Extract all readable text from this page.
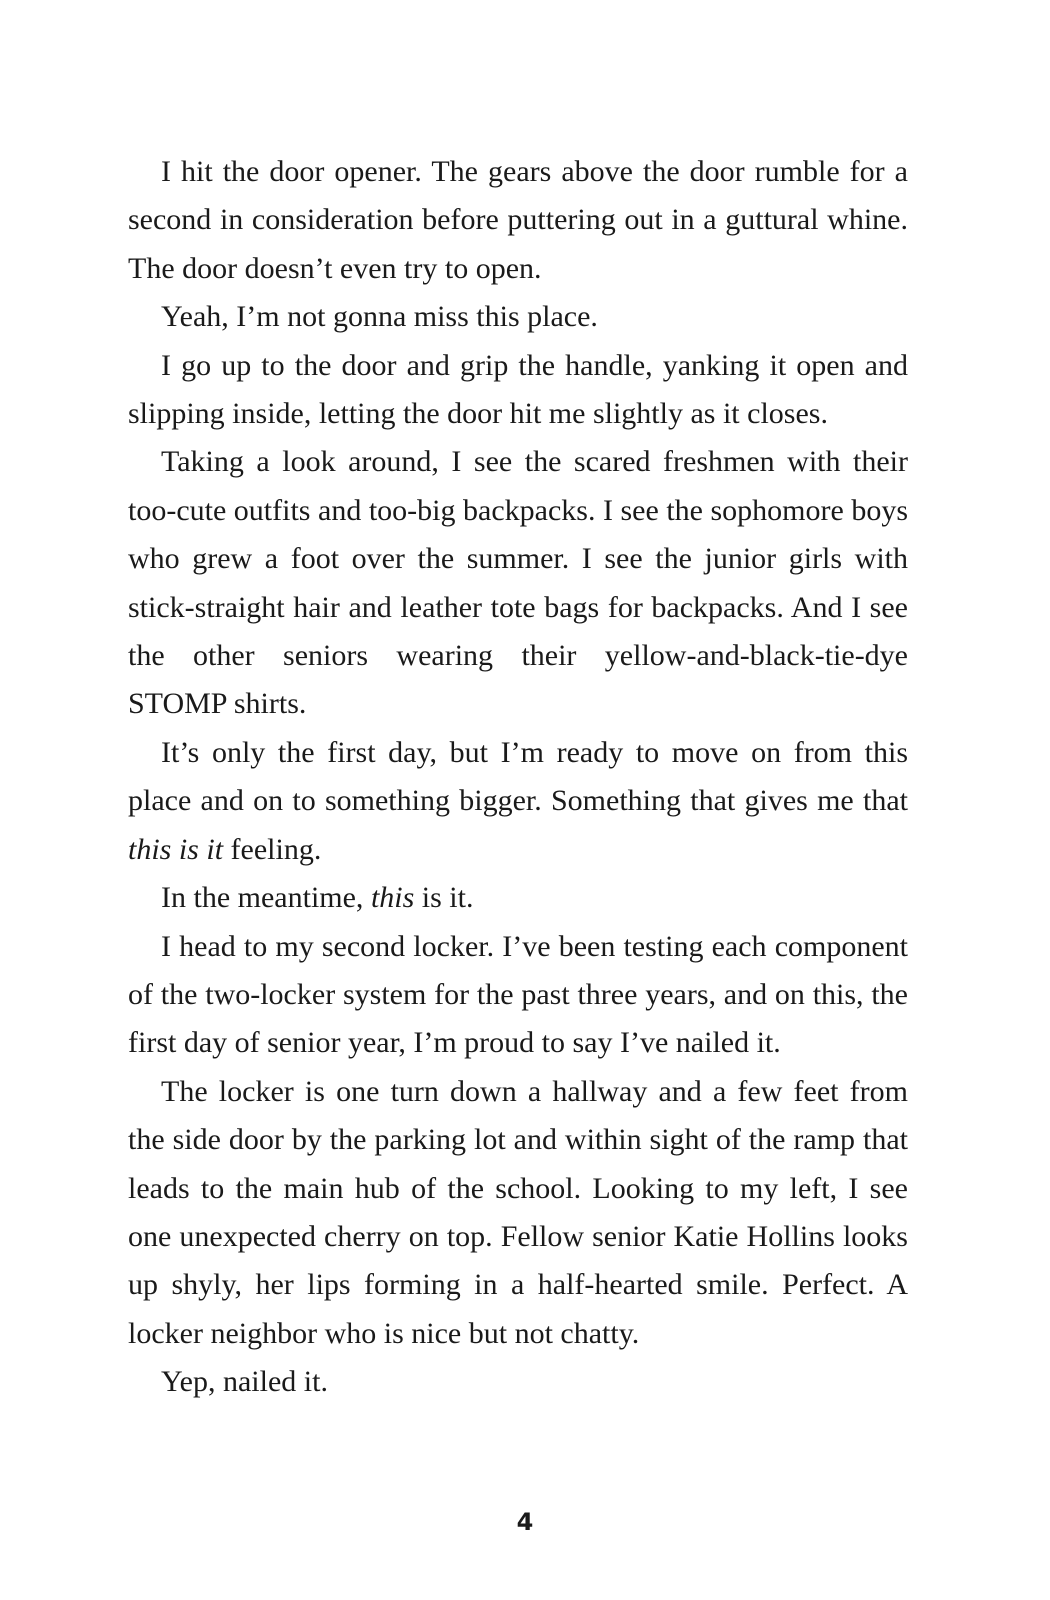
I hit the door opener. The gears above the door rumble for a second in consideration before puttering out in a guttural whine. The door doesn’t even try to open.

Yeah, I’m not gonna miss this place.

I go up to the door and grip the handle, yanking it open and slipping inside, letting the door hit me slightly as it closes.

Taking a look around, I see the scared freshmen with their too-cute outfits and too-big backpacks. I see the sophomore boys who grew a foot over the summer. I see the junior girls with stick-straight hair and leather tote bags for backpacks. And I see the other seniors wearing their yellow-and-black-tie-dye STOMP shirts.

It’s only the first day, but I’m ready to move on from this place and on to something bigger. Something that gives me that this is it feeling.

In the meantime, this is it.

I head to my second locker. I’ve been testing each component of the two-locker system for the past three years, and on this, the first day of senior year, I’m proud to say I’ve nailed it.

The locker is one turn down a hallway and a few feet from the side door by the parking lot and within sight of the ramp that leads to the main hub of the school. Looking to my left, I see one unexpected cherry on top. Fellow senior Katie Hollins looks up shyly, her lips forming in a half-hearted smile. Perfect. A locker neighbor who is nice but not chatty.

Yep, nailed it.

4
